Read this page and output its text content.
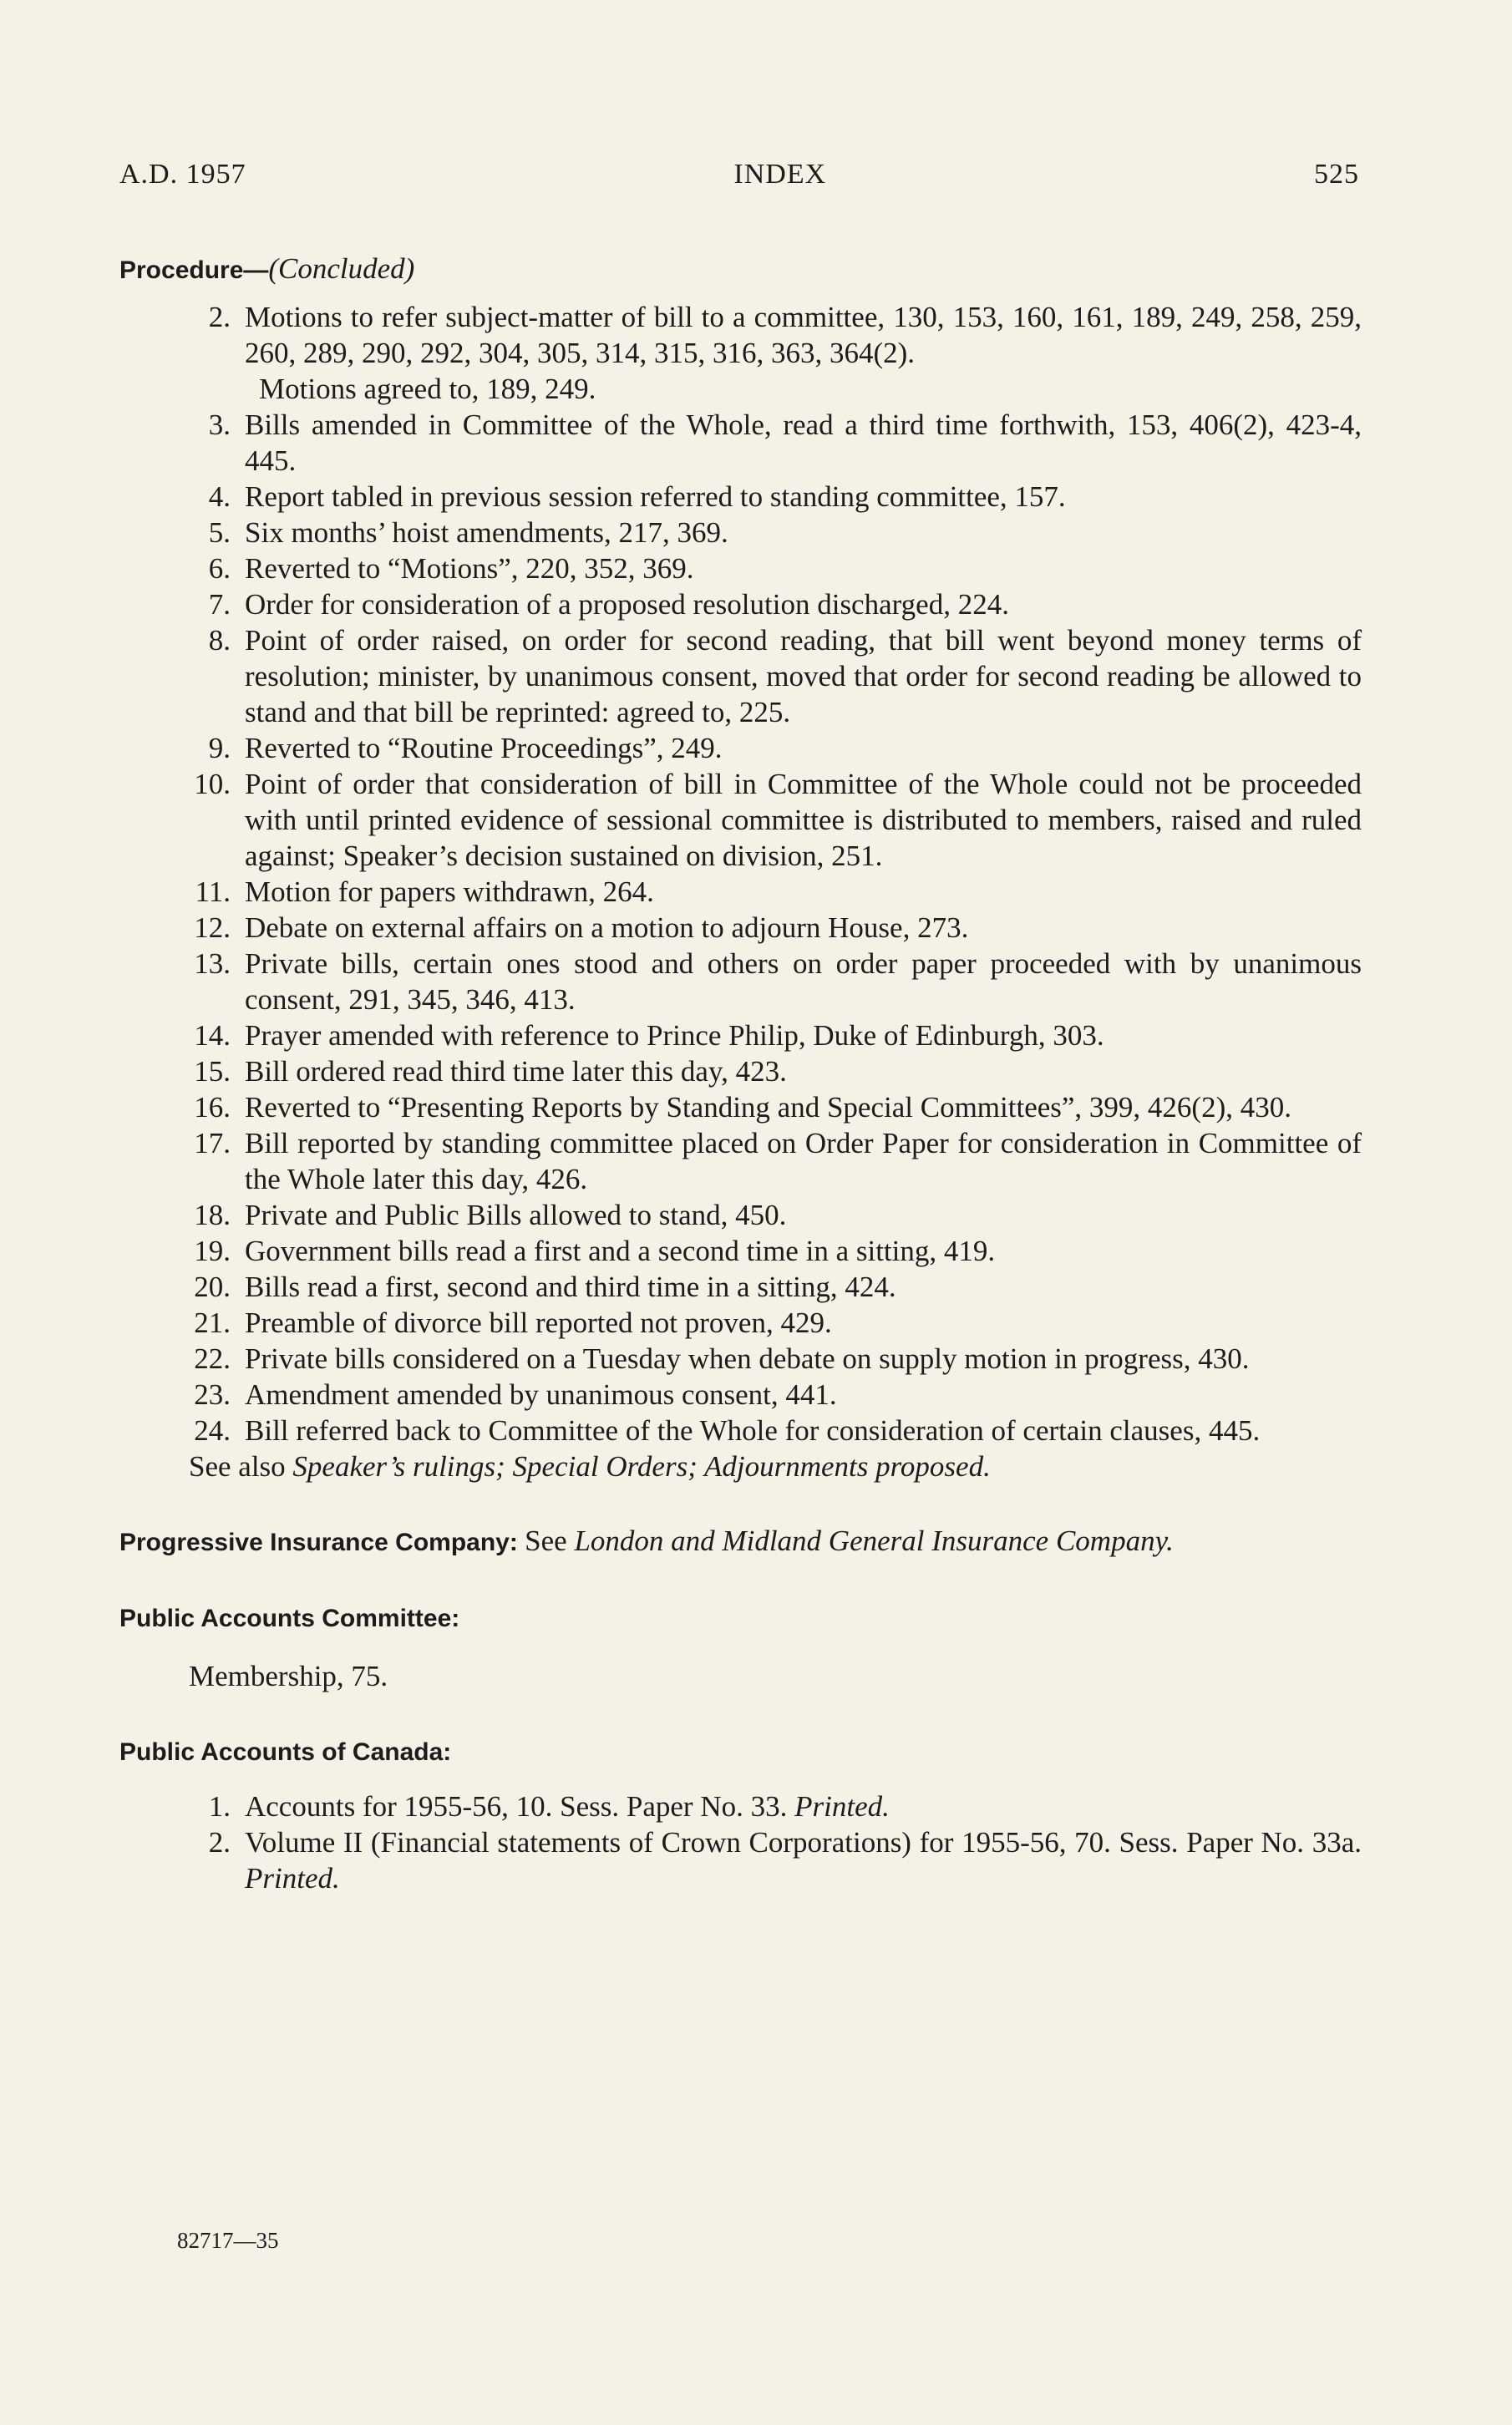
A.D. 1957	INDEX	525
Procedure—(Concluded)
2. Motions to refer subject-matter of bill to a committee, 130, 153, 160, 161, 189, 249, 258, 259, 260, 289, 290, 292, 304, 305, 314, 315, 316, 363, 364(2).
Motions agreed to, 189, 249.
3. Bills amended in Committee of the Whole, read a third time forthwith, 153, 406(2), 423-4, 445.
4. Report tabled in previous session referred to standing committee, 157.
5. Six months’ hoist amendments, 217, 369.
6. Reverted to “Motions”, 220, 352, 369.
7. Order for consideration of a proposed resolution discharged, 224.
8. Point of order raised, on order for second reading, that bill went beyond money terms of resolution; minister, by unanimous consent, moved that order for second reading be allowed to stand and that bill be reprinted: agreed to, 225.
9. Reverted to “Routine Proceedings”, 249.
10. Point of order that consideration of bill in Committee of the Whole could not be proceeded with until printed evidence of sessional committee is distributed to members, raised and ruled against; Speaker’s decision sustained on division, 251.
11. Motion for papers withdrawn, 264.
12. Debate on external affairs on a motion to adjourn House, 273.
13. Private bills, certain ones stood and others on order paper proceeded with by unanimous consent, 291, 345, 346, 413.
14. Prayer amended with reference to Prince Philip, Duke of Edinburgh, 303.
15. Bill ordered read third time later this day, 423.
16. Reverted to “Presenting Reports by Standing and Special Committees”, 399, 426(2), 430.
17. Bill reported by standing committee placed on Order Paper for consideration in Committee of the Whole later this day, 426.
18. Private and Public Bills allowed to stand, 450.
19. Government bills read a first and a second time in a sitting, 419.
20. Bills read a first, second and third time in a sitting, 424.
21. Preamble of divorce bill reported not proven, 429.
22. Private bills considered on a Tuesday when debate on supply motion in progress, 430.
23. Amendment amended by unanimous consent, 441.
24. Bill referred back to Committee of the Whole for consideration of certain clauses, 445.
See also Speaker’s rulings; Special Orders; Adjournments proposed.
Progressive Insurance Company: See London and Midland General Insurance Company.
Public Accounts Committee:
Membership, 75.
Public Accounts of Canada:
1. Accounts for 1955-56, 10. Sess. Paper No. 33. Printed.
2. Volume II (Financial statements of Crown Corporations) for 1955-56, 70. Sess. Paper No. 33a. Printed.
82717—35
